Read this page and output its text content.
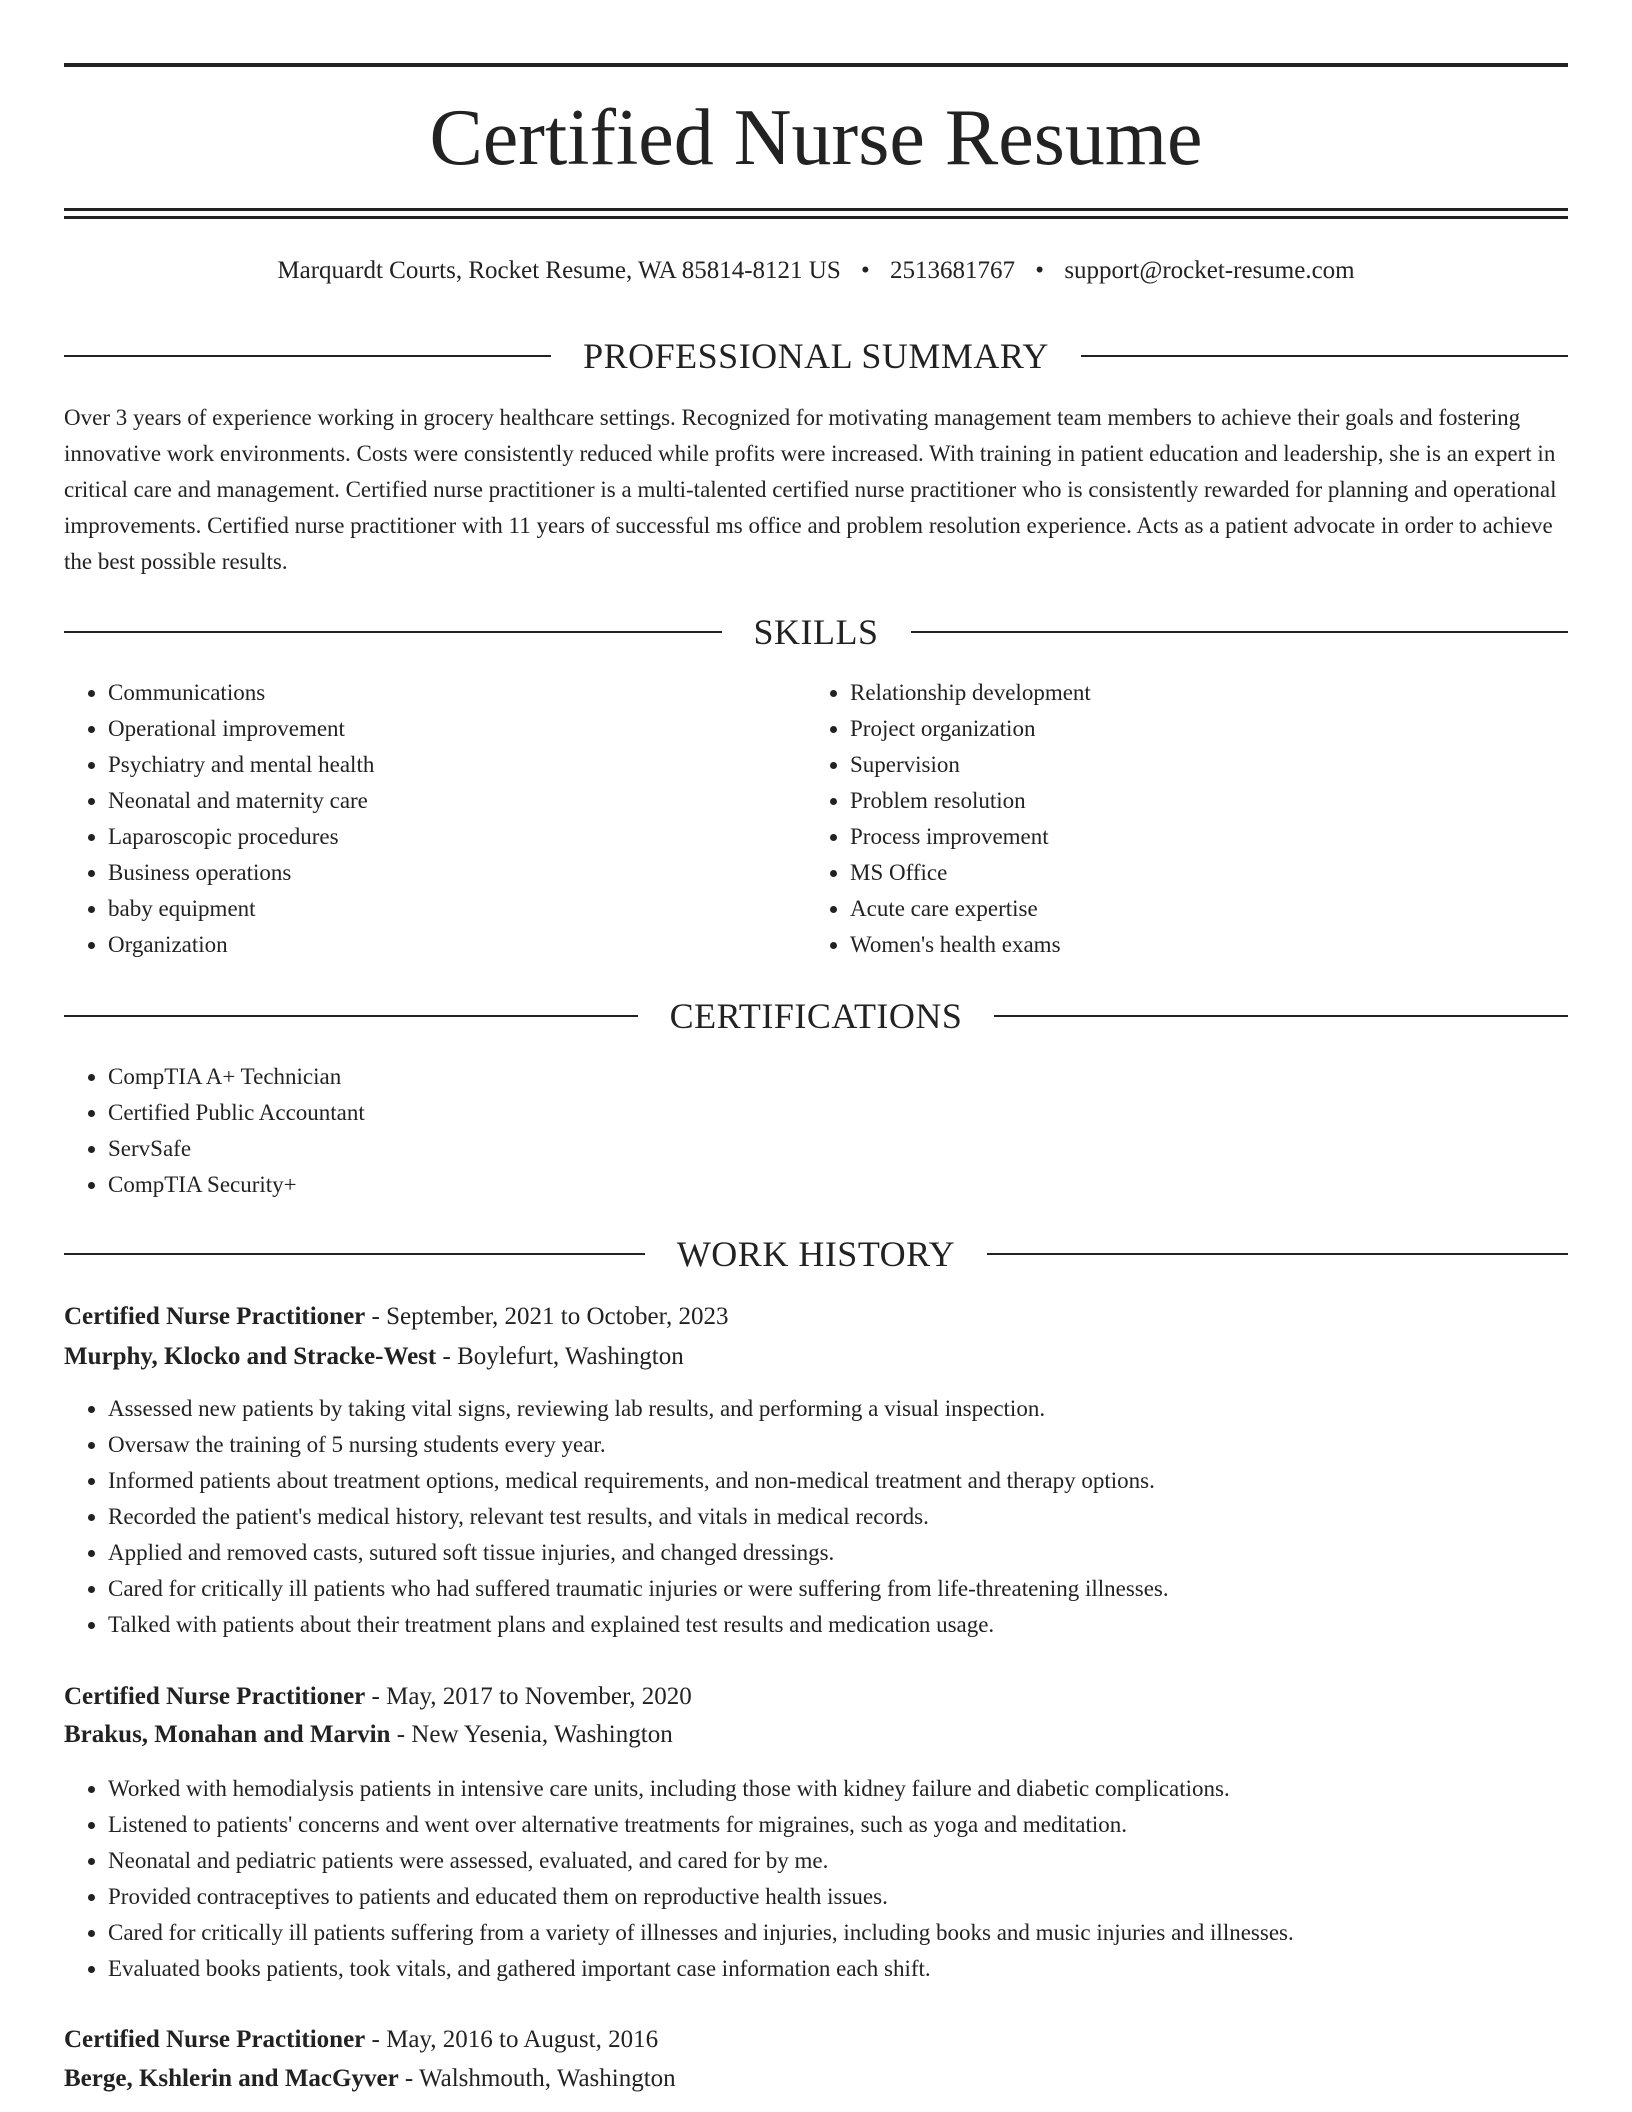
Certified Nurse Resume
Marquardt Courts, Rocket Resume, WA 85814-8121 US • 2513681767 • support@rocket-resume.com
PROFESSIONAL SUMMARY

Over 3 years of experience working in grocery healthcare settings. Recognized for motivating management team members to achieve their goals and fostering innovative work environments. Costs were consistently reduced while profits were increased. With training in patient education and leadership, she is an expert in critical care and management. Certified nurse practitioner is a multi-talented certified nurse practitioner who is consistently rewarded for planning and operational improvements. Certified nurse practitioner with 11 years of successful ms office and problem resolution experience. Acts as a patient advocate in order to achieve the best possible results.

SKILLS
• Communications
• Operational improvement
• Psychiatry and mental health
• Neonatal and maternity care
• Laparoscopic procedures
• Business operations
• baby equipment
• Organization
• Relationship development
• Project organization
• Supervision
• Problem resolution
• Process improvement
• MS Office
• Acute care expertise
• Women's health exams
CERTIFICATIONS
• CompTIA A+ Technician
• Certified Public Accountant
• ServSafe
• CompTIA Security+
WORK HISTORY
Certified Nurse Practitioner - September, 2021 to October, 2023
Murphy, Klocko and Stracke-West - Boylefurt, Washington
• Assessed new patients by taking vital signs, reviewing lab results, and performing a visual inspection.
• Oversaw the training of 5 nursing students every year.
• Informed patients about treatment options, medical requirements, and non-medical treatment and therapy options.
• Recorded the patient's medical history, relevant test results, and vitals in medical records.
• Applied and removed casts, sutured soft tissue injuries, and changed dressings.
• Cared for critically ill patients who had suffered traumatic injuries or were suffering from life-threatening illnesses.
• Talked with patients about their treatment plans and explained test results and medication usage.
Certified Nurse Practitioner - May, 2017 to November, 2020
Brakus, Monahan and Marvin - New Yesenia, Washington
• Worked with hemodialysis patients in intensive care units, including those with kidney failure and diabetic complications.
• Listened to patients' concerns and went over alternative treatments for migraines, such as yoga and meditation.
• Neonatal and pediatric patients were assessed, evaluated, and cared for by me.
• Provided contraceptives to patients and educated them on reproductive health issues.
• Cared for critically ill patients suffering from a variety of illnesses and injuries, including books and music injuries and illnesses.
• Evaluated books patients, took vitals, and gathered important case information each shift.
Certified Nurse Practitioner - May, 2016 to August, 2016
Berge, Kshlerin and MacGyver - Walshmouth, Washington
